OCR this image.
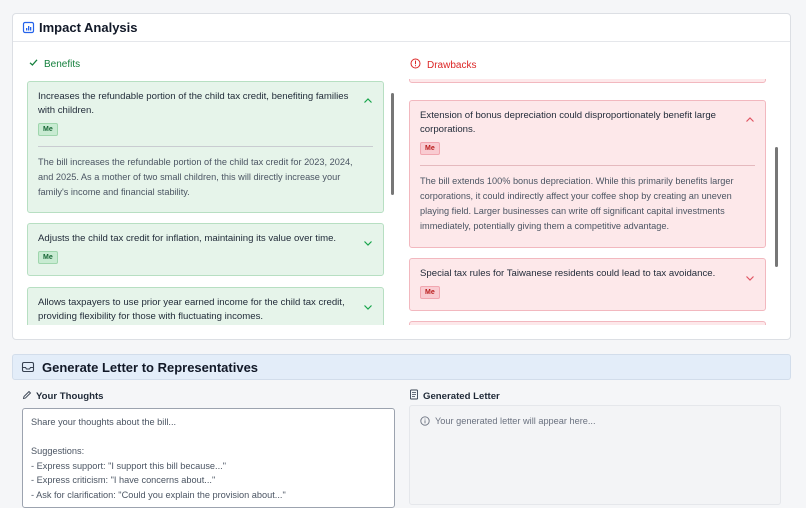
Impact Analysis
Benefits	Drawbacks
Increases the refundable portion of the child tax credit, benefiting families with children.
Me
The bill increases the refundable portion of the child tax credit for 2023, 2024, and 2025. As a mother of two small children, this will directly increase your family's income and financial stability.
Adjusts the child tax credit for inflation, maintaining its value over time.
Me
Allows taxpayers to use prior year earned income for the child tax credit, providing flexibility for those with fluctuating incomes.
Extension of bonus depreciation could disproportionately benefit large corporations.
Me
The bill extends 100% bonus depreciation. While this primarily benefits larger corporations, it could indirectly affect your coffee shop by creating an uneven playing field. Larger businesses can write off significant capital investments immediately, potentially giving them a competitive advantage.
Special tax rules for Taiwanese residents could lead to tax avoidance.
Me
Generate Letter to Representatives
Your Thoughts	Generated Letter
Share your thoughts about the bill...

Suggestions:
- Express support: "I support this bill because..."
- Express criticism: "I have concerns about..."
- Ask for clarification: "Could you explain the provision about..."
Your generated letter will appear here...
